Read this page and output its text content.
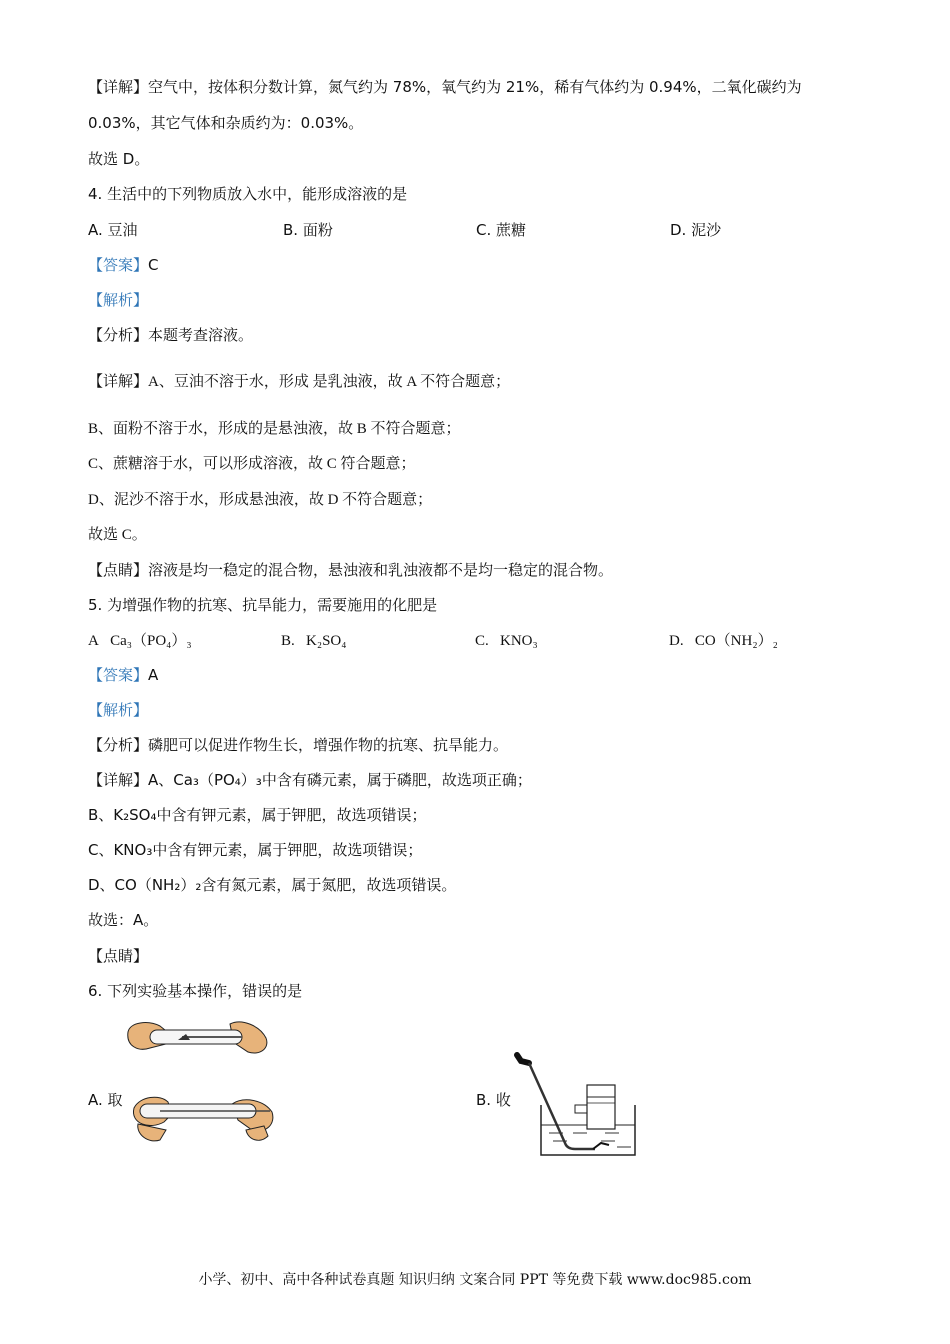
【详解】空气中，按体积分数计算，氮气约为 78%，氧气约为 21%，稀有气体约为 0.94%，二氧化碳约为
0.03%，其它气体和杂质约为：0.03%。
故选 D。
4. 生活中的下列物质放入水中，能形成溶液的是
A. 豆油	B. 面粉	C. 蔗糖	D. 泥沙
【答案】C
【解析】
【分析】本题考查溶液。
【详解】A、豆油不溶于水，形成 是乳浊液，故 A 不符合题意；
B、面粉不溶于水，形成的是悬浊液，故 B 不符合题意；
C、蔗糖溶于水，可以形成溶液，故 C 符合题意；
D、泥沙不溶于水，形成悬浊液，故 D 不符合题意；
故选 C。
【点睛】溶液是均一稳定的混合物，悬浊液和乳浊液都不是均一稳定的混合物。
5. 为增强作物的抗寒、抗旱能力，需要施用的化肥是
A Ca₃（PO₄）₃	B. K₂SO₄	C. KNO₃	D. CO（NH₂）₂
【答案】A
【解析】
【分析】磷肥可以促进作物生长，增强作物的抗寒、抗旱能力。
【详解】A、Ca₃（PO₄）₃中含有磷元素，属于磷肥，故选项正确；
B、K₂SO₄中含有钾元素，属于钾肥，故选项错误；
C、KNO₃中含有钾元素，属于钾肥，故选项错误；
D、CO（NH₂）₂含有氮元素，属于氮肥，故选项错误。
故选：A。
【点睛】
6. 下列实验基本操作，错误的是
A. 取	B. 收
小学、初中、高中各种试卷真题 知识归纳 文案合同 PPT 等免费下载 www.doc985.com
